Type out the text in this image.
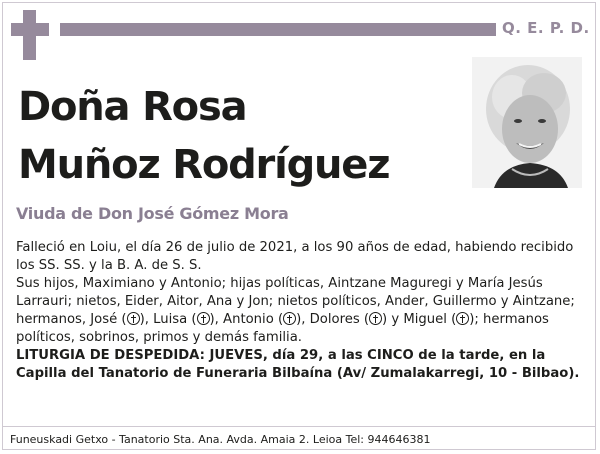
Q. E. P. D.
Doña Rosa
Muñoz Rodríguez
Viuda de Don José Gómez Mora

Falleció en Loiu, el día 26 de julio de 2021, a los 90 años de edad, habiendo recibido los SS. SS. y la B. A. de S. S.

Sus hijos, Maximiano y Antonio; hijas políticas, Aintzane Maguregi y María Jesús Larrauri; nietos, Eider, Aitor, Ana y Jon; nietos políticos, Ander, Guillermo y Aintzane; hermanos, José ( ), Luisa ( ), Antonio ( ), Dolores ( ) y Miguel ( ); hermanos políticos, sobrinos, primos y demás familia.

LITURGIA DE DESPEDIDA: JUEVES, día 29, a las CINCO de la tarde, en la Capilla del Tanatorio de Funeraria Bilbaína (Av/ Zumalakarregi, 10 - Bilbao).

Funeuskadi Getxo - Tanatorio Sta. Ana. Avda. Amaia 2. Leioa Tel: 944646381
